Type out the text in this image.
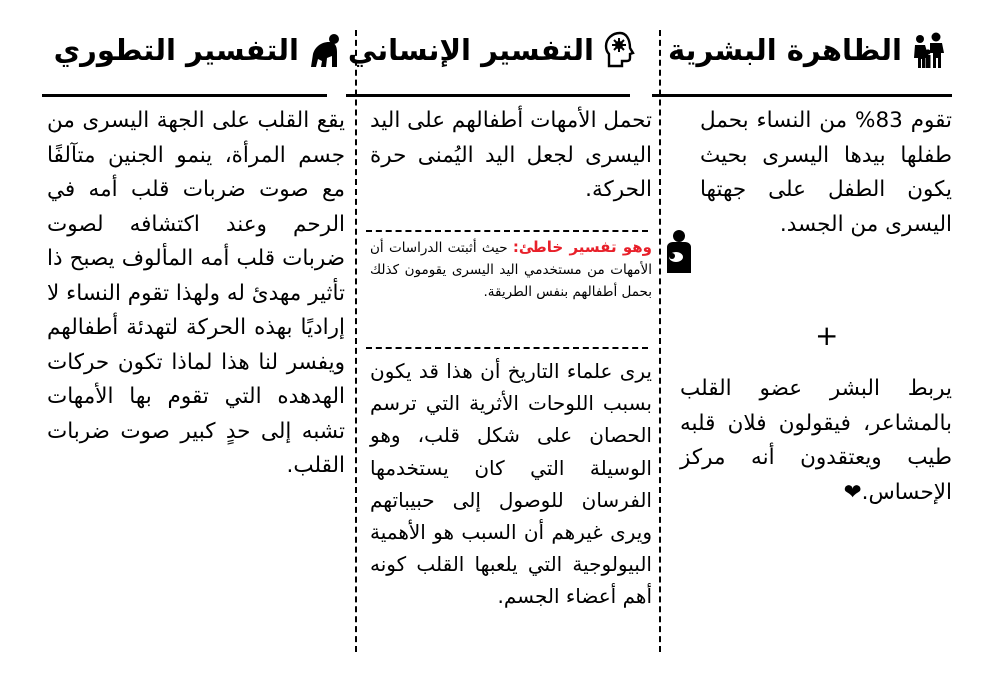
الظاهرة البشرية
التفسير الإنساني
التفسير التطوري
تقوم 83% من النساء بحمل طفلها بيدها اليسرى بحيث يكون الطفل على جهتها اليسرى من الجسد.
+
يربط البشر عضو القلب بالمشاعر، فيقولون فلان قلبه طيب ويعتقدون أنه مركز الإحساس.❤
تحمل الأمهات أطفالهم على اليد اليسرى لجعل اليد اليُمنى حرة الحركة.
وهو تفسير خاطئ: حيث أثبتت الدراسات أن الأمهات من مستخدمي اليد اليسرى يقومون كذلك بحمل أطفالهم بنفس الطريقة.
يرى علماء التاريخ أن هذا قد يكون بسبب اللوحات الأثرية التي ترسم الحصان على شكل قلب، وهو الوسيلة التي كان يستخدمها الفرسان للوصول إلى حبيباتهم ويرى غيرهم أن السبب هو الأهمية البيولوجية التي يلعبها القلب كونه أهم أعضاء الجسم.
يقع القلب على الجهة اليسرى من جسم المرأة، ينمو الجنين متآلفًا مع صوت ضربات قلب أمه في الرحم وعند اكتشافه لصوت ضربات قلب أمه المألوف يصبح ذا تأثير مهدئ له ولهذا تقوم النساء لا إراديًا بهذه الحركة لتهدئة أطفالهم ويفسر لنا هذا لماذا تكون حركات الهدهده التي تقوم بها الأمهات تشبه إلى حدٍ كبير صوت ضربات القلب.
